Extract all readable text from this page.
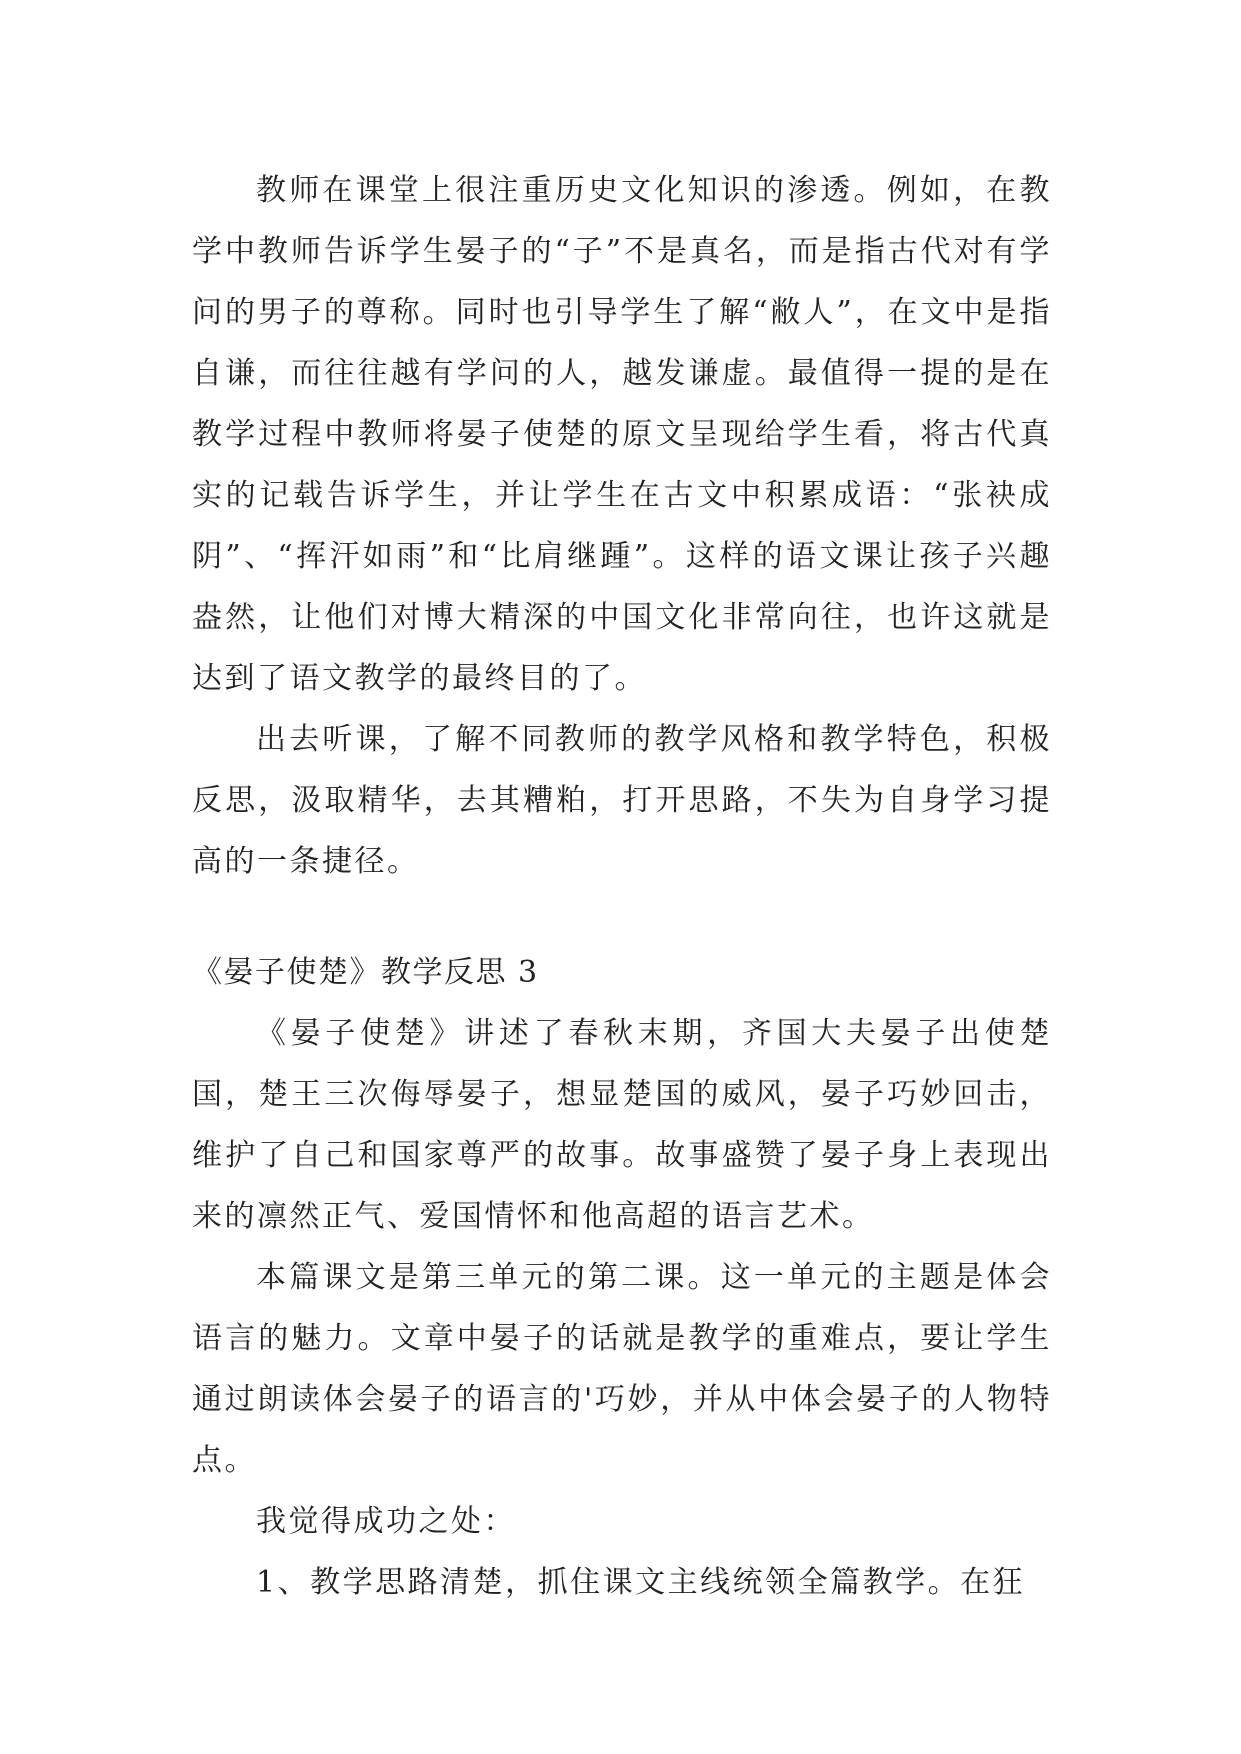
教师在课堂上很注重历史文化知识的渗透。例如，在教学中教师告诉学生晏子的“子”不是真名，而是指古代对有学问的男子的尊称。同时也引导学生了解“敝人”，在文中是指自谦，而往往越有学问的人，越发谦虚。最值得一提的是在教学过程中教师将晏子使楚的原文呈现给学生看，将古代真实的记载告诉学生，并让学生在古文中积累成语：“张袂成阴”、“挥汗如雨”和“比肩继踵”。这样的语文课让孩子兴趣盎然，让他们对博大精深的中国文化非常向往，也许这就是达到了语文教学的最终目的了。

出去听课，了解不同教师的教学风格和教学特色，积极反思，汲取精华，去其糟粕，打开思路，不失为自身学习提高的一条捷径。

《晏子使楚》教学反思 3

《晏子使楚》讲述了春秋末期，齐国大夫晏子出使楚国，楚王三次侮辱晏子，想显楚国的威风，晏子巧妙回击，维护了自己和国家尊严的故事。故事盛赞了晏子身上表现出来的凛然正气、爱国情怀和他高超的语言艺术。

本篇课文是第三单元的第二课。这一单元的主题是体会语言的魅力。文章中晏子的话就是教学的重难点，要让学生通过朗读体会晏子的语言的'巧妙，并从中体会晏子的人物特点。

我觉得成功之处：

1、教学思路清楚，抓住课文主线统领全篇教学。在狂
